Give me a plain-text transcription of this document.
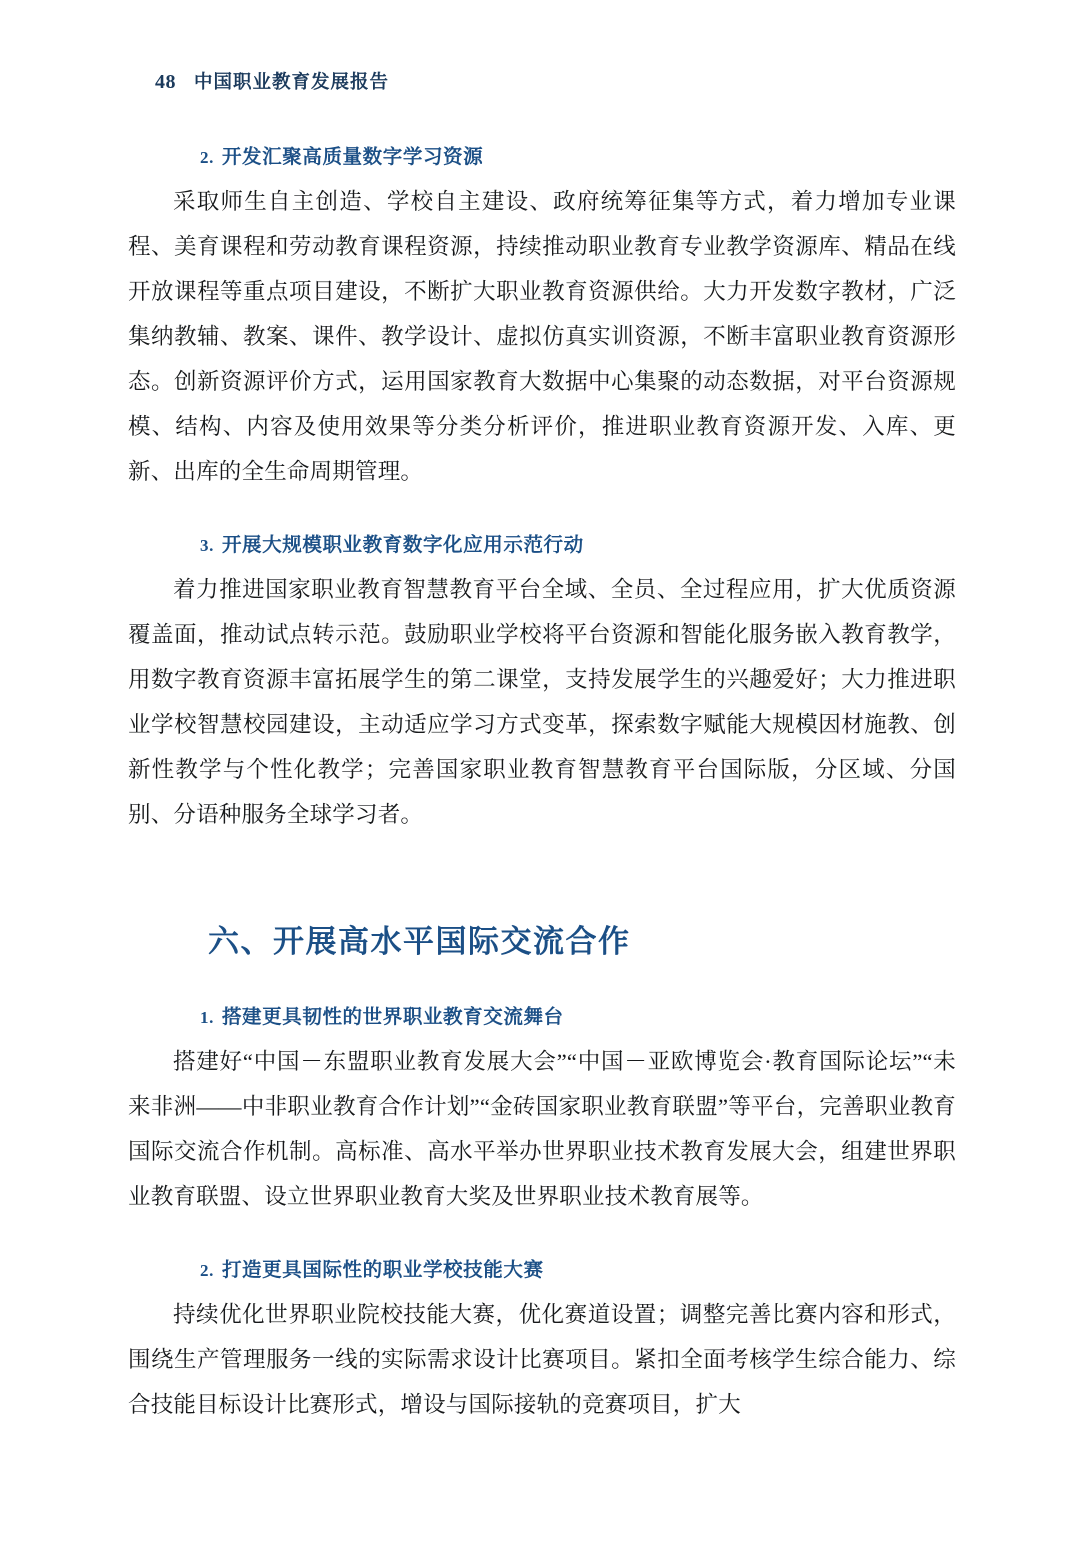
48 中国职业教育发展报告
2. 开发汇聚高质量数字学习资源

采取师生自主创造、学校自主建设、政府统筹征集等方式，着力增加专业课程、美育课程和劳动教育课程资源，持续推动职业教育专业教学资源库、精品在线开放课程等重点项目建设，不断扩大职业教育资源供给。大力开发数字教材，广泛集纳教辅、教案、课件、教学设计、虚拟仿真实训资源，不断丰富职业教育资源形态。创新资源评价方式，运用国家教育大数据中心集聚的动态数据，对平台资源规模、结构、内容及使用效果等分类分析评价，推进职业教育资源开发、入库、更新、出库的全生命周期管理。

3. 开展大规模职业教育数字化应用示范行动

着力推进国家职业教育智慧教育平台全域、全员、全过程应用，扩大优质资源覆盖面，推动试点转示范。鼓励职业学校将平台资源和智能化服务嵌入教育教学，用数字教育资源丰富拓展学生的第二课堂，支持发展学生的兴趣爱好；大力推进职业学校智慧校园建设，主动适应学习方式变革，探索数字赋能大规模因材施教、创新性教学与个性化教学；完善国家职业教育智慧教育平台国际版，分区域、分国别、分语种服务全球学习者。

六、开展高水平国际交流合作
1. 搭建更具韧性的世界职业教育交流舞台

搭建好“中国－东盟职业教育发展大会”“中国－亚欧博览会·教育国际论坛”“未来非洲——中非职业教育合作计划”“金砖国家职业教育联盟”等平台，完善职业教育国际交流合作机制。高标准、高水平举办世界职业技术教育发展大会，组建世界职业教育联盟、设立世界职业教育大奖及世界职业技术教育展等。

2. 打造更具国际性的职业学校技能大赛

持续优化世界职业院校技能大赛，优化赛道设置；调整完善比赛内容和形式，围绕生产管理服务一线的实际需求设计比赛项目。紧扣全面考核学生综合能力、综合技能目标设计比赛形式，增设与国际接轨的竞赛项目，扩大
